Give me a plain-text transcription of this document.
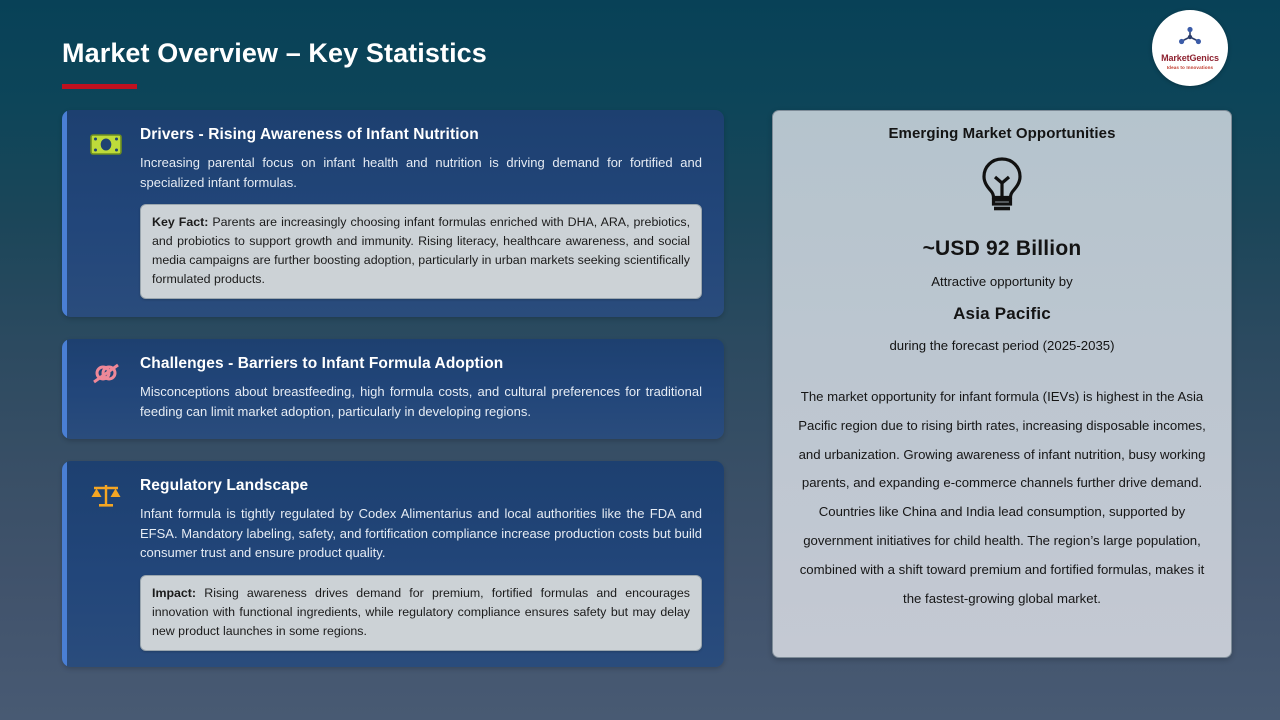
Market Overview – Key Statistics	MarketGenics
Ideas to Innovations
Drivers - Rising Awareness of Infant Nutrition
Increasing parental focus on infant health and nutrition is driving demand for fortified and specialized infant formulas.
Key Fact: Parents are increasingly choosing infant formulas enriched with DHA, ARA, prebiotics, and probiotics to support growth and immunity. Rising literacy, healthcare awareness, and social media campaigns are further boosting adoption, particularly in urban markets seeking scientifically formulated products.
Challenges - Barriers to Infant Formula Adoption
Misconceptions about breastfeeding, high formula costs, and cultural preferences for traditional feeding can limit market adoption, particularly in developing regions.
Regulatory Landscape
Infant formula is tightly regulated by Codex Alimentarius and local authorities like the FDA and EFSA. Mandatory labeling, safety, and fortification compliance increase production costs but build consumer trust and ensure product quality.
Impact: Rising awareness drives demand for premium, fortified formulas and encourages innovation with functional ingredients, while regulatory compliance ensures safety but may delay new product launches in some regions.
Emerging Market Opportunities
~USD 92 Billion
Attractive opportunity by
Asia Pacific
during the forecast period (2025-2035)
The market opportunity for infant formula (IEVs) is highest in the Asia Pacific region due to rising birth rates, increasing disposable incomes, and urbanization. Growing awareness of infant nutrition, busy working parents, and expanding e-commerce channels further drive demand. Countries like China and India lead consumption, supported by government initiatives for child health. The region’s large population, combined with a shift toward premium and fortified formulas, makes it the fastest-growing global market.
